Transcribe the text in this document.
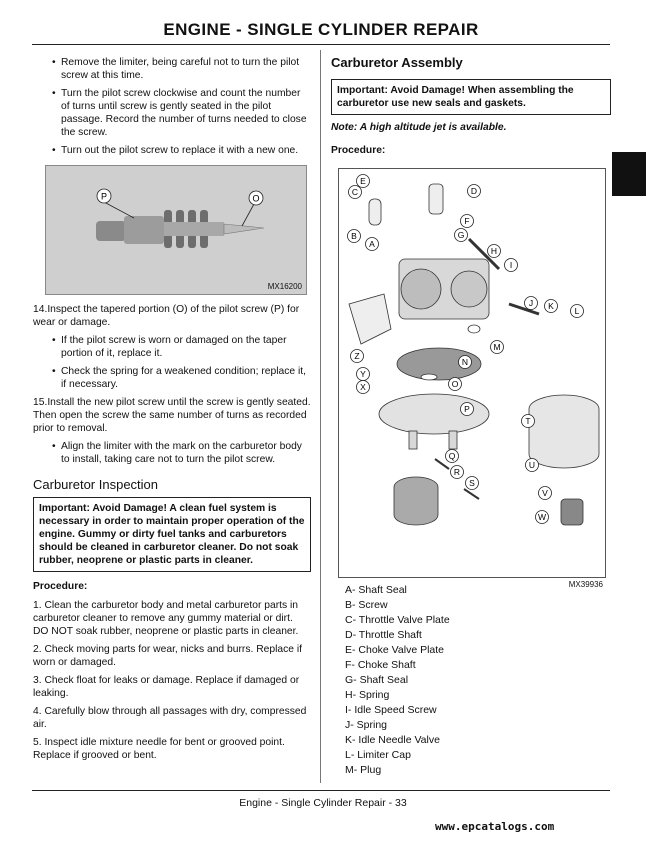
ENGINE - SINGLE CYLINDER REPAIR

• Remove the limiter, being careful not to turn the pilot screw at this time.

• Turn the pilot screw clockwise and count the number of turns until screw is gently seated in the pilot passage. Record the number of turns needed to close the screw.

• Turn out the pilot screw to replace it with a new one.

P	O
MX16200

14.Inspect the tapered portion (O) of the pilot screw (P) for wear or damage.

• If the pilot screw is worn or damaged on the taper portion of it, replace it.

• Check the spring for a weakened condition; replace it, if necessary.

15.Install the new pilot screw until the screw is gently seated. Then open the screw the same number of turns as recorded prior to removal.

• Align the limiter with the mark on the carburetor body to install, taking care not to turn the pilot screw.

Carburetor Inspection
Important: Avoid Damage! A clean fuel system is necessary in order to maintain proper operation of the engine. Gummy or dirty fuel tanks and carburetors should be cleaned in carburetor cleaner. Do not soak rubber, neoprene or plastic parts in cleaner.

Procedure:

1. Clean the carburetor body and metal carburetor parts in carburetor cleaner to remove any gummy material or dirt. DO NOT soak rubber, neoprene or plastic parts in cleaner.

2. Check moving parts for wear, nicks and burrs. Replace if worn or damaged.

3. Check float for leaks or damage. Replace if damaged or leaking.

4. Carefully blow through all passages with dry, compressed air.

5. Inspect idle mixture needle for bent or grooved point. Replace if grooved or bent.

Carburetor Assembly
Important: Avoid Damage! When assembling the carburetor use new seals and gaskets.

Note: A high altitude jet is available.

Procedure:

A
B
C	D
E
F
G
H
I
J K L
M
N
O
P
Q
R
S
T
U
V
W
X
Y
Z
MX39936
A- Shaft Seal
B- Screw
C- Throttle Valve Plate
D- Throttle Shaft
E- Choke Valve Plate
F- Choke Shaft
G- Shaft Seal
H- Spring
I- Idle Speed Screw
J- Spring
K- Idle Needle Valve
L- Limiter Cap
M- Plug
Engine - Single Cylinder Repair - 33
www.epcatalogs.com
